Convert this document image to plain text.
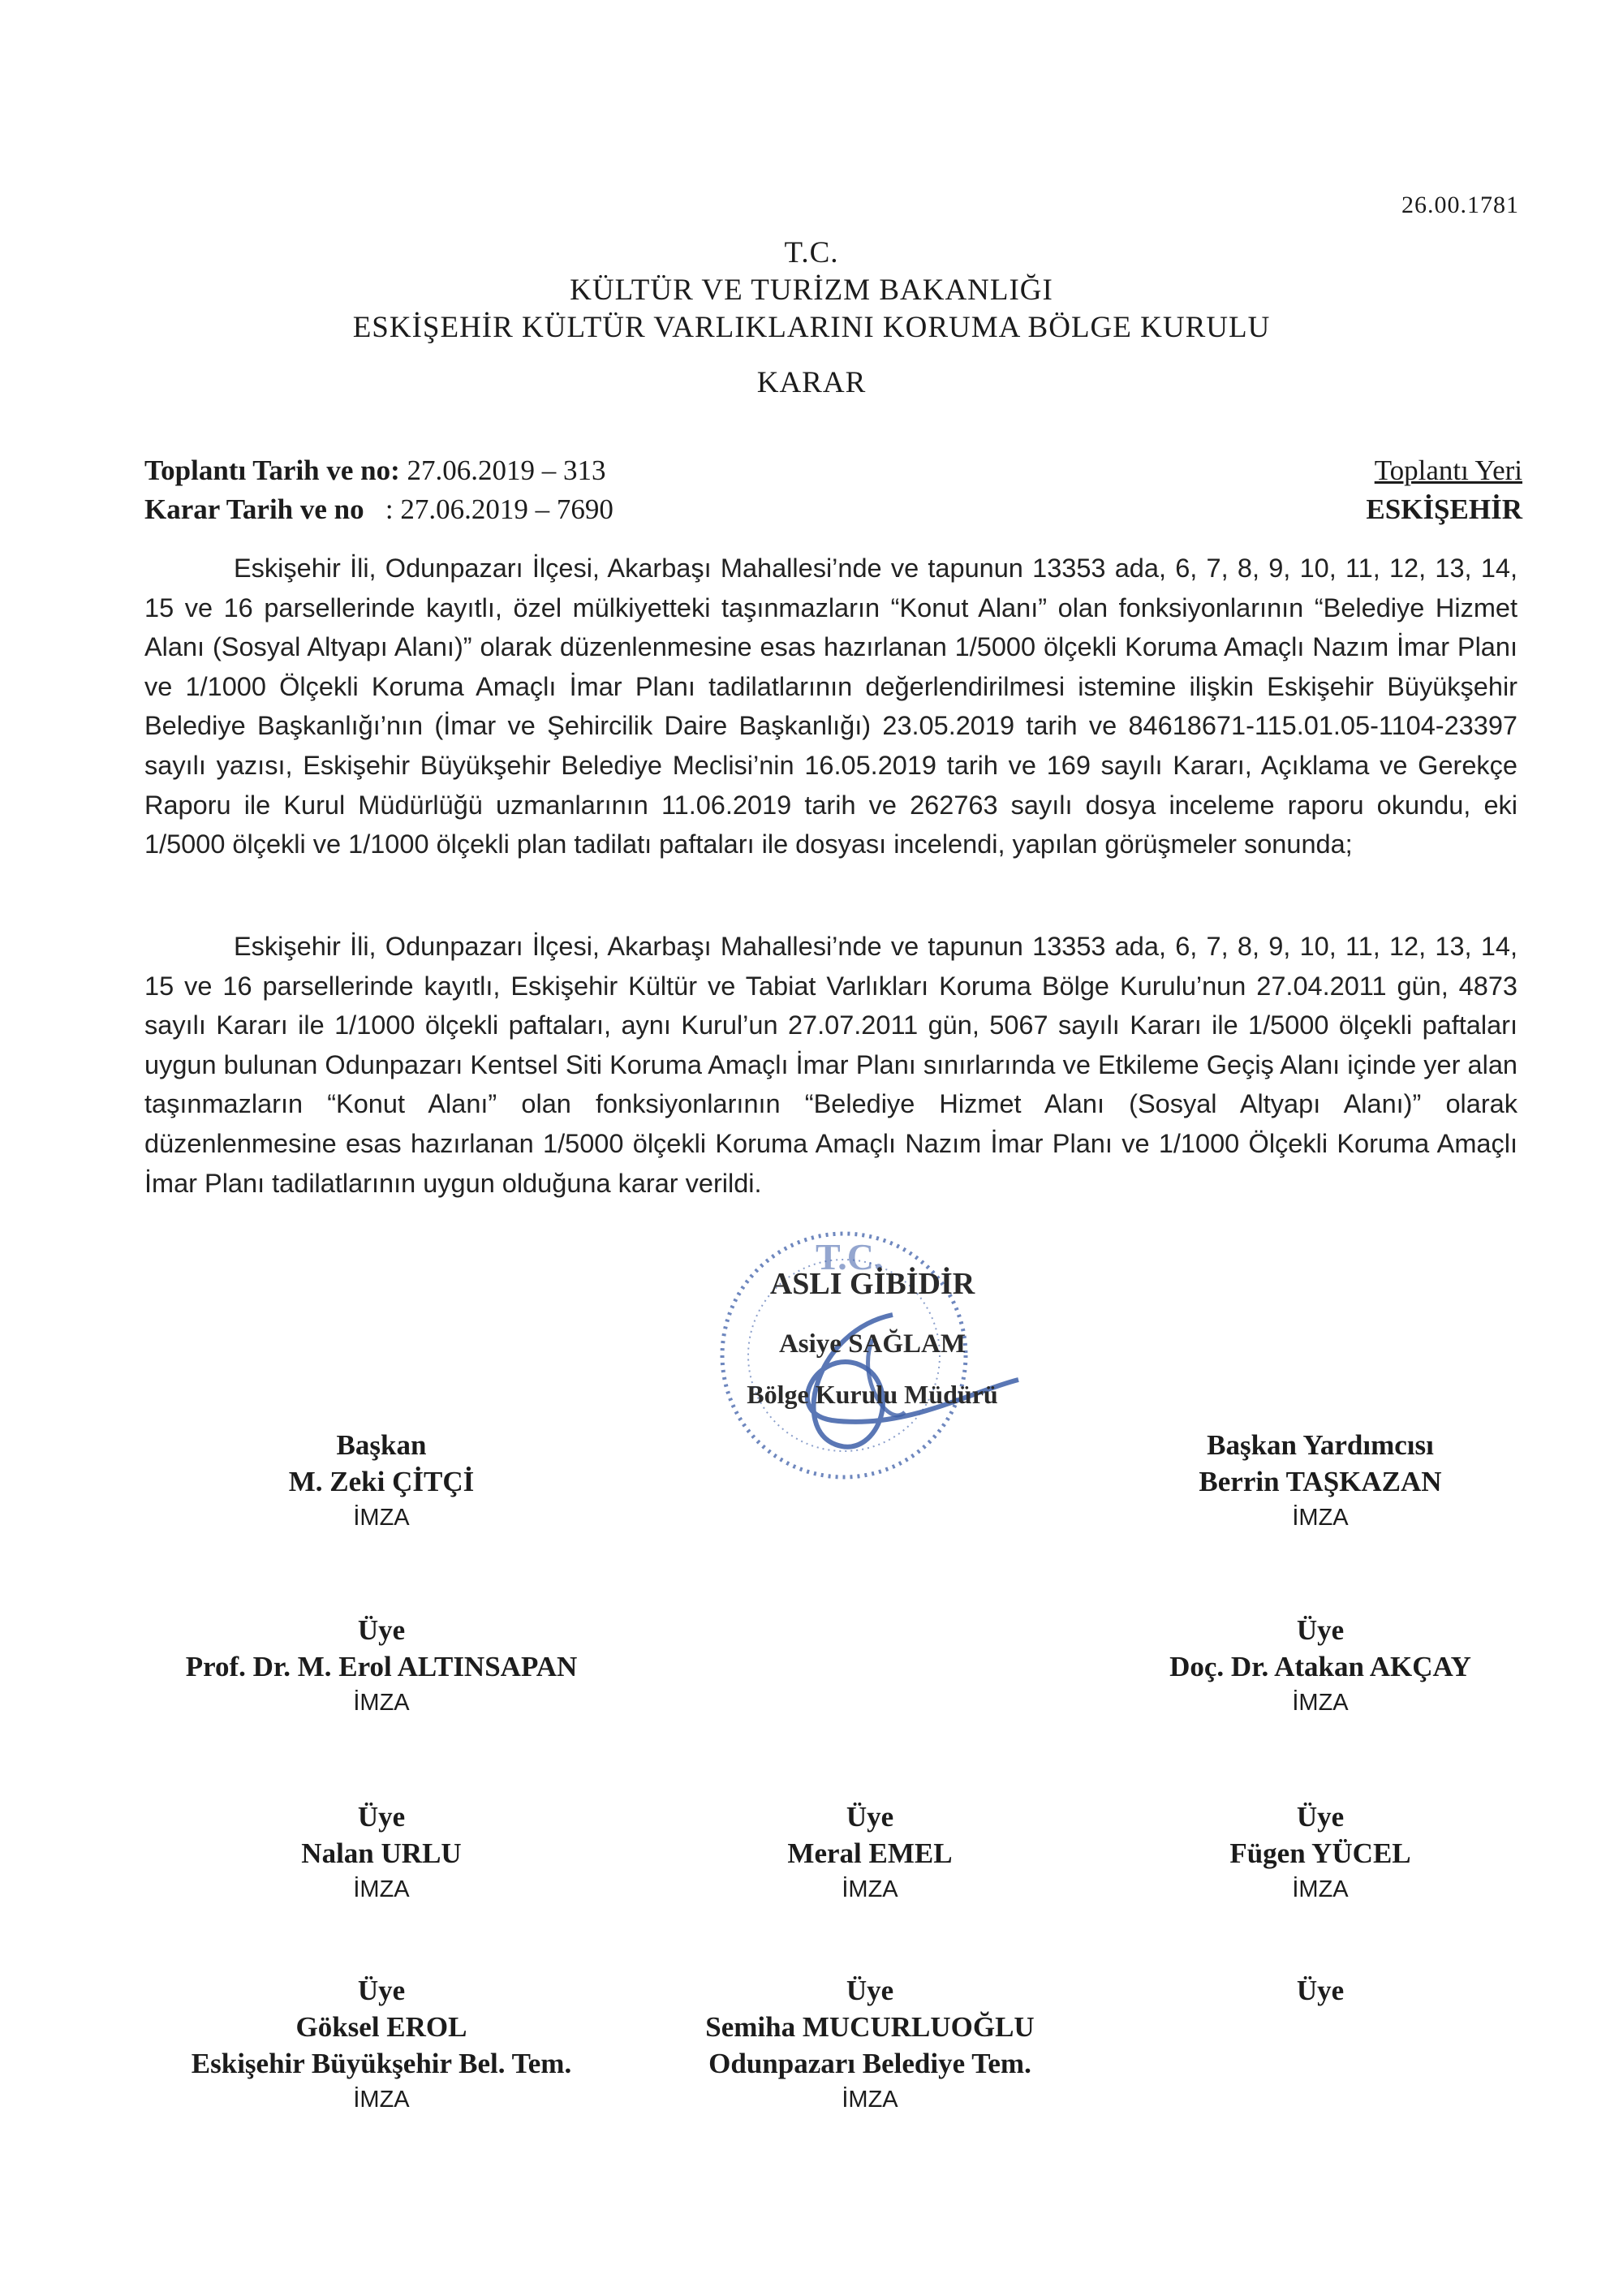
26.00.1781
T.C.
KÜLTÜR VE TURİZM BAKANLIĞI
ESKİŞEHİR KÜLTÜR VARLIKLARINI KORUMA BÖLGE KURULU
KARAR
Toplantı Tarih ve no: 27.06.2019 – 313
Karar Tarih ve no   : 27.06.2019 – 7690
Toplantı Yeri
ESKİŞEHİR
Eskişehir İli, Odunpazarı İlçesi, Akarbaşı Mahallesi’nde ve tapunun 13353 ada, 6, 7, 8, 9, 10, 11, 12, 13, 14, 15 ve 16 parsellerinde kayıtlı, özel mülkiyetteki taşınmazların “Konut Alanı” olan fonksiyonlarının “Belediye Hizmet Alanı (Sosyal Altyapı Alanı)” olarak düzenlenmesine esas hazırlanan 1/5000 ölçekli Koruma Amaçlı Nazım İmar Planı ve 1/1000 Ölçekli Koruma Amaçlı İmar Planı tadilatlarının değerlendirilmesi istemine ilişkin Eskişehir Büyükşehir Belediye Başkanlığı’nın (İmar ve Şehircilik Daire Başkanlığı) 23.05.2019 tarih ve 84618671-115.01.05-1104-23397 sayılı yazısı, Eskişehir Büyükşehir Belediye Meclisi’nin 16.05.2019 tarih ve 169 sayılı Kararı, Açıklama ve Gerekçe Raporu ile Kurul Müdürlüğü uzmanlarının 11.06.2019 tarih ve 262763 sayılı dosya inceleme raporu okundu, eki 1/5000 ölçekli ve 1/1000 ölçekli plan tadilatı paftaları ile dosyası incelendi, yapılan görüşmeler sonunda;
Eskişehir İli, Odunpazarı İlçesi, Akarbaşı Mahallesi’nde ve tapunun 13353 ada, 6, 7, 8, 9, 10, 11, 12, 13, 14, 15 ve 16 parsellerinde kayıtlı, Eskişehir Kültür ve Tabiat Varlıkları Koruma Bölge Kurulu’nun 27.04.2011 gün, 4873 sayılı Kararı ile 1/1000 ölçekli paftaları, aynı Kurul’un 27.07.2011 gün, 5067 sayılı Kararı ile 1/5000 ölçekli paftaları uygun bulunan Odunpazarı Kentsel Siti Koruma Amaçlı İmar Planı sınırlarında ve Etkileme Geçiş Alanı içinde yer alan taşınmazların “Konut Alanı” olan fonksiyonlarının “Belediye Hizmet Alanı (Sosyal Altyapı Alanı)” olarak düzenlenmesine esas hazırlanan 1/5000 ölçekli Koruma Amaçlı Nazım İmar Planı ve 1/1000 Ölçekli Koruma Amaçlı İmar Planı tadilatlarının uygun olduğuna karar verildi.
T.C.
ASLI GİBİDİR
Asiye SAĞLAM
Bölge Kurulu Müdürü
Başkan
M. Zeki ÇİTÇİ
İMZA
Başkan Yardımcısı
Berrin TAŞKAZAN
İMZA
Üye
Prof. Dr. M. Erol ALTINSAPAN
İMZA
Üye
Doç. Dr. Atakan AKÇAY
İMZA
Üye
Nalan URLU
İMZA
Üye
Meral EMEL
İMZA
Üye
Fügen YÜCEL
İMZA
Üye
Göksel EROL
Eskişehir Büyükşehir Bel. Tem.
İMZA
Üye
Semiha MUCURLUOĞLU
Odunpazarı Belediye Tem.
İMZA
Üye
